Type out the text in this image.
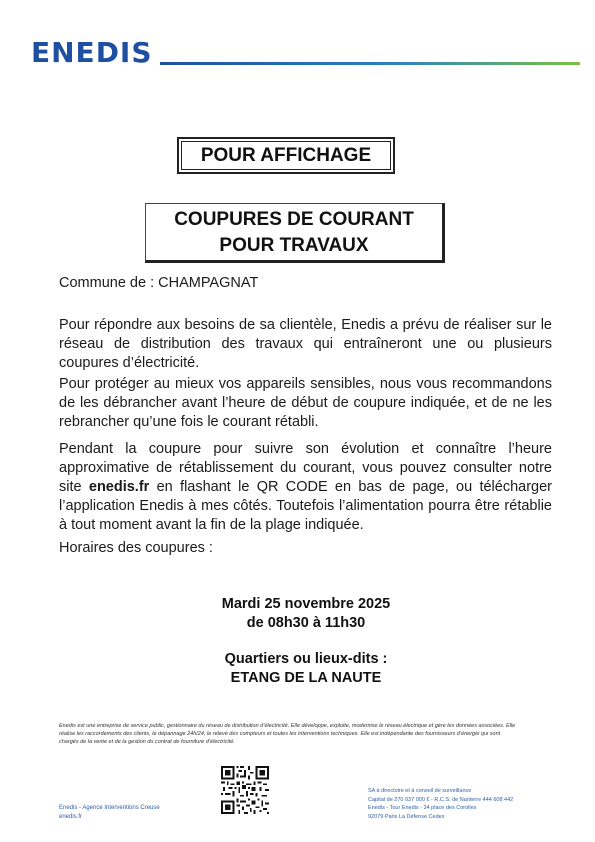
ENEDIS
POUR AFFICHAGE
COUPURES DE COURANT
POUR TRAVAUX
Commune de : CHAMPAGNAT
Pour répondre aux besoins de sa clientèle, Enedis a prévu de réaliser sur le réseau de distribution des travaux qui entraîneront une ou plusieurs coupures d’électricité.
Pour protéger au mieux vos appareils sensibles, nous vous recommandons de les débrancher avant l’heure de début de coupure indiquée, et de ne les rebrancher qu’une fois le courant rétabli.
Pendant la coupure pour suivre son évolution et connaître l’heure approximative de rétablissement du courant, vous pouvez consulter notre site enedis.fr en flashant le QR CODE en bas de page, ou télécharger l’application Enedis à mes côtés. Toutefois l’alimentation pourra être rétablie à tout moment avant la fin de la plage indiquée.
Horaires des coupures :
Mardi 25 novembre 2025
de 08h30 à 11h30
Quartiers ou lieux-dits :
ETANG DE LA NAUTE
Enedis est une entreprise de service public, gestionnaire du réseau de distribution d’électricité. Elle développe, exploite, modernise le réseau électrique et gère les données associées. Elle réalise les raccordements des clients, le dépannage 24h/24, le relevé des compteurs et toutes les interventions techniques. Elle est indépendante des fournisseurs d’énergie qui sont chargés de la vente et de la gestion du contrat de fourniture d’électricité.
Enedis - Agence Interventions Creuse
enedis.fr
SA à directoire et à conseil de surveillance
Capital de 270 037 000 € - R.C.S. de Nanterre 444 608 442
Enedis - Tour Enedis - 34 place des Corolles
92079 Paris La Défense Cedex
